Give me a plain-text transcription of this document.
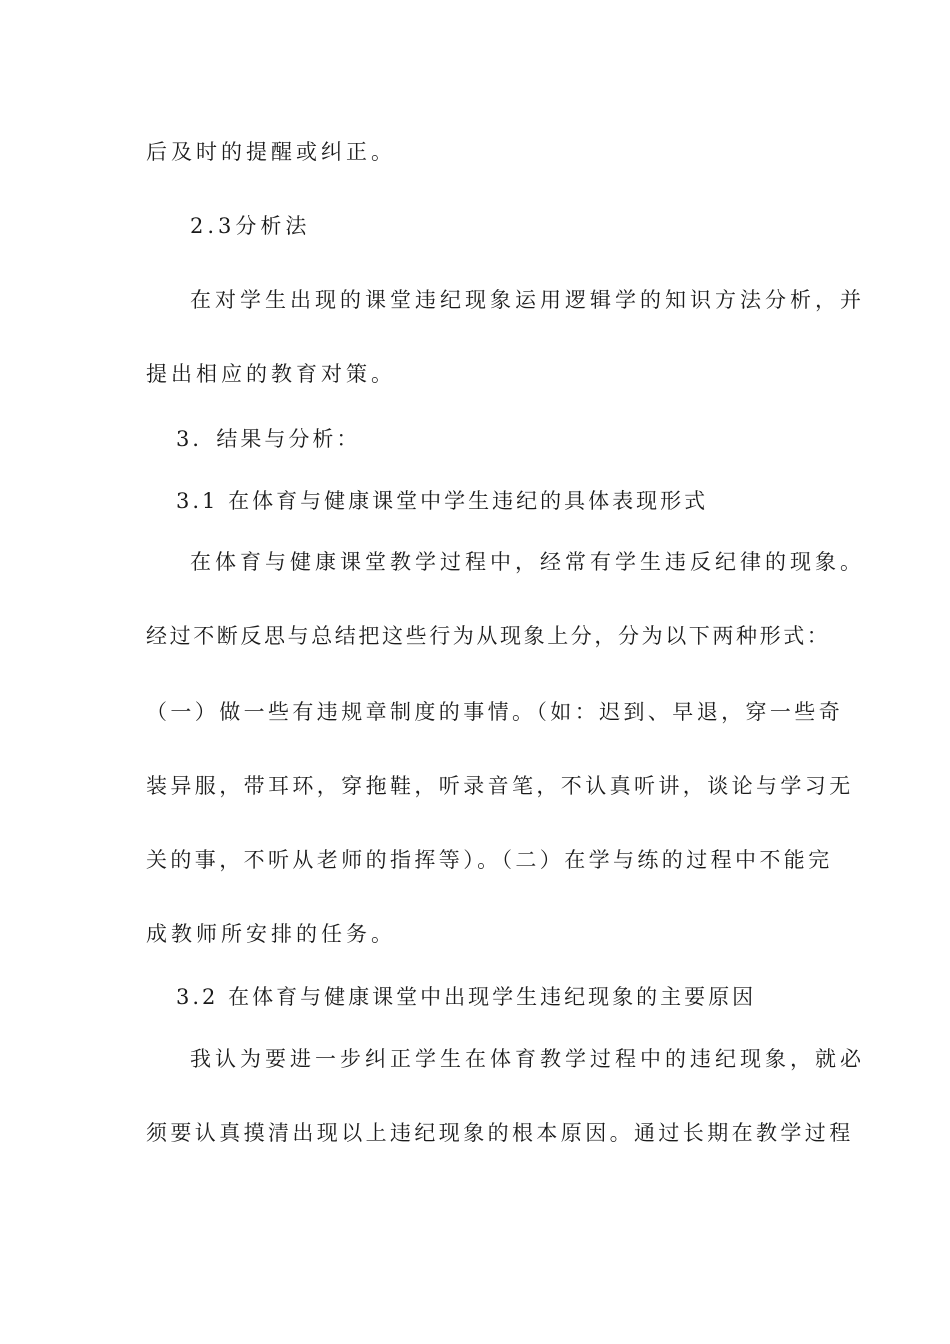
后及时的提醒或纠正。

2.3分析法

在对学生出现的课堂违纪现象运用逻辑学的知识方法分析，并

提出相应的教育对策。

3．结果与分析：

3.1 在体育与健康课堂中学生违纪的具体表现形式

在体育与健康课堂教学过程中，经常有学生违反纪律的现象。

经过不断反思与总结把这些行为从现象上分，分为以下两种形式：

（一）做一些有违规章制度的事情。（如：迟到、早退，穿一些奇

装异服，带耳环，穿拖鞋，听录音笔，不认真听讲，谈论与学习无

关的事，不听从老师的指挥等）。（二）在学与练的过程中不能完

成教师所安排的任务。

3.2 在体育与健康课堂中出现学生违纪现象的主要原因

我认为要进一步纠正学生在体育教学过程中的违纪现象，就必

须要认真摸清出现以上违纪现象的根本原因。通过长期在教学过程
